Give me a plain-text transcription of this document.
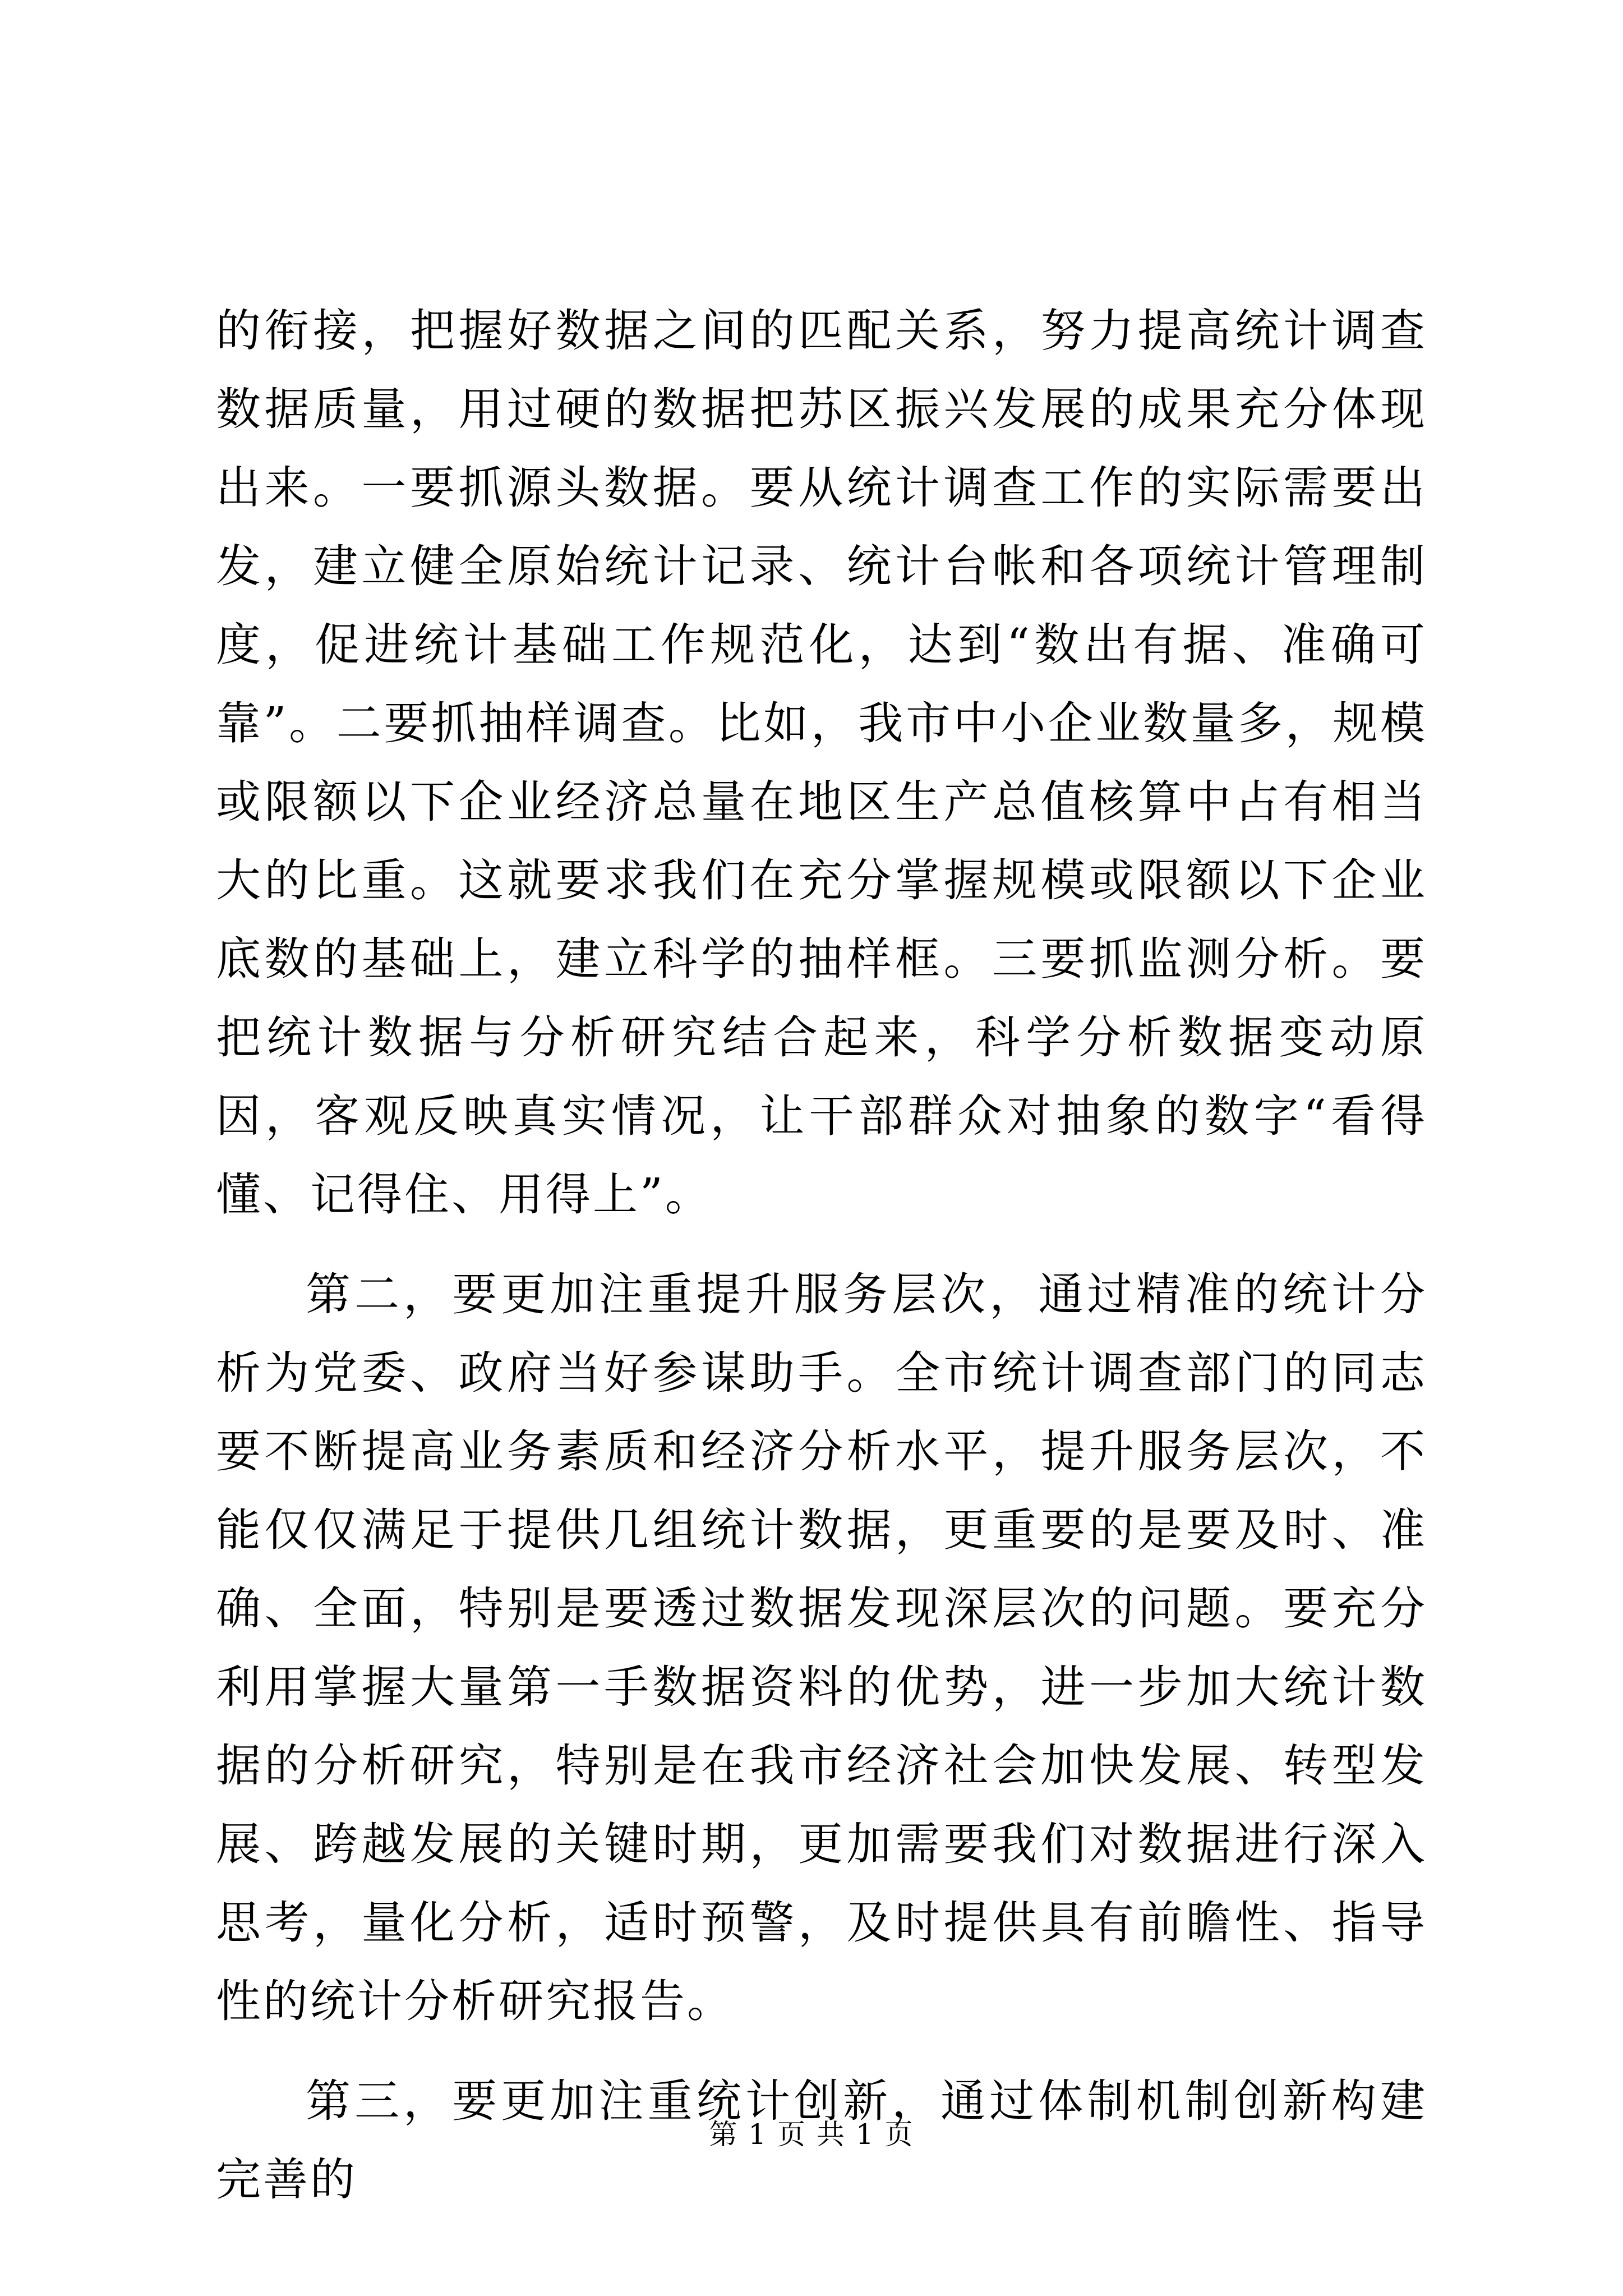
的衔接，把握好数据之间的匹配关系，努力提高统计调查数据质量，用过硬的数据把苏区振兴发展的成果充分体现出来。一要抓源头数据。要从统计调查工作的实际需要出发，建立健全原始统计记录、统计台帐和各项统计管理制度，促进统计基础工作规范化，达到“数出有据、准确可靠”。二要抓抽样调查。比如，我市中小企业数量多，规模或限额以下企业经济总量在地区生产总值核算中占有相当大的比重。这就要求我们在充分掌握规模或限额以下企业底数的基础上，建立科学的抽样框。三要抓监测分析。要把统计数据与分析研究结合起来，科学分析数据变动原因，客观反映真实情况，让干部群众对抽象的数字“看得懂、记得住、用得上”。

第二，要更加注重提升服务层次，通过精准的统计分析为党委、政府当好参谋助手。全市统计调查部门的同志要不断提高业务素质和经济分析水平，提升服务层次，不能仅仅满足于提供几组统计数据，更重要的是要及时、准确、全面，特别是要透过数据发现深层次的问题。要充分利用掌握大量第一手数据资料的优势，进一步加大统计数据的分析研究，特别是在我市经济社会加快发展、转型发展、跨越发展的关键时期，更加需要我们对数据进行深入思考，量化分析，适时预警，及时提供具有前瞻性、指导性的统计分析研究报告。

第三，要更加注重统计创新，通过体制机制创新构建完善的

第 1 页 共 1 页
